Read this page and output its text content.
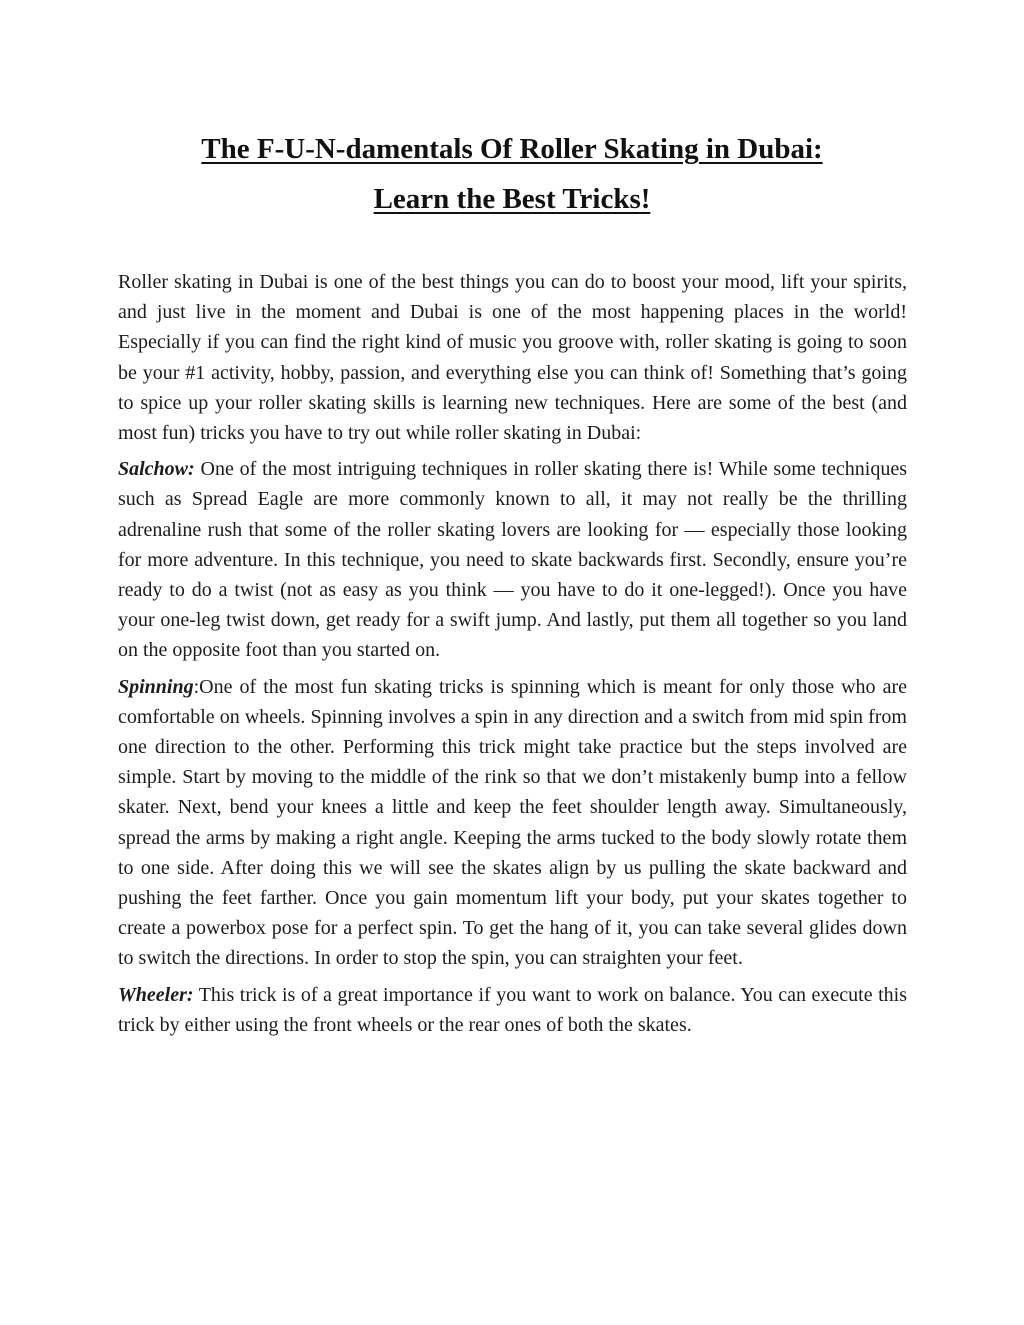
The F-U-N-damentals Of Roller Skating in Dubai:
Learn the Best Tricks!

Roller skating in Dubai is one of the best things you can do to boost your mood, lift your spirits, and just live in the moment and Dubai is one of the most happening places in the world! Especially if you can find the right kind of music you groove with, roller skating is going to soon be your #1 activity, hobby, passion, and everything else you can think of! Something that’s going to spice up your roller skating skills is learning new techniques. Here are some of the best (and most fun) tricks you have to try out while roller skating in Dubai:

Salchow: One of the most intriguing techniques in roller skating there is! While some techniques such as Spread Eagle are more commonly known to all, it may not really be the thrilling adrenaline rush that some of the roller skating lovers are looking for — especially those looking for more adventure. In this technique, you need to skate backwards first. Secondly, ensure you’re ready to do a twist (not as easy as you think — you have to do it one-legged!). Once you have your one-leg twist down, get ready for a swift jump. And lastly, put them all together so you land on the opposite foot than you started on.

Spinning:One of the most fun skating tricks is spinning which is meant for only those who are comfortable on wheels. Spinning involves a spin in any direction and a switch from mid spin from one direction to the other. Performing this trick might take practice but the steps involved are simple. Start by moving to the middle of the rink so that we don’t mistakenly bump into a fellow skater. Next, bend your knees a little and keep the feet shoulder length away. Simultaneously, spread the arms by making a right angle. Keeping the arms tucked to the body slowly rotate them to one side. After doing this we will see the skates align by us pulling the skate backward and pushing the feet farther. Once you gain momentum lift your body, put your skates together to create a powerbox pose for a perfect spin. To get the hang of it, you can take several glides down to switch the directions. In order to stop the spin, you can straighten your feet.

Wheeler: This trick is of a great importance if you want to work on balance. You can execute this trick by either using the front wheels or the rear ones of both the skates.
